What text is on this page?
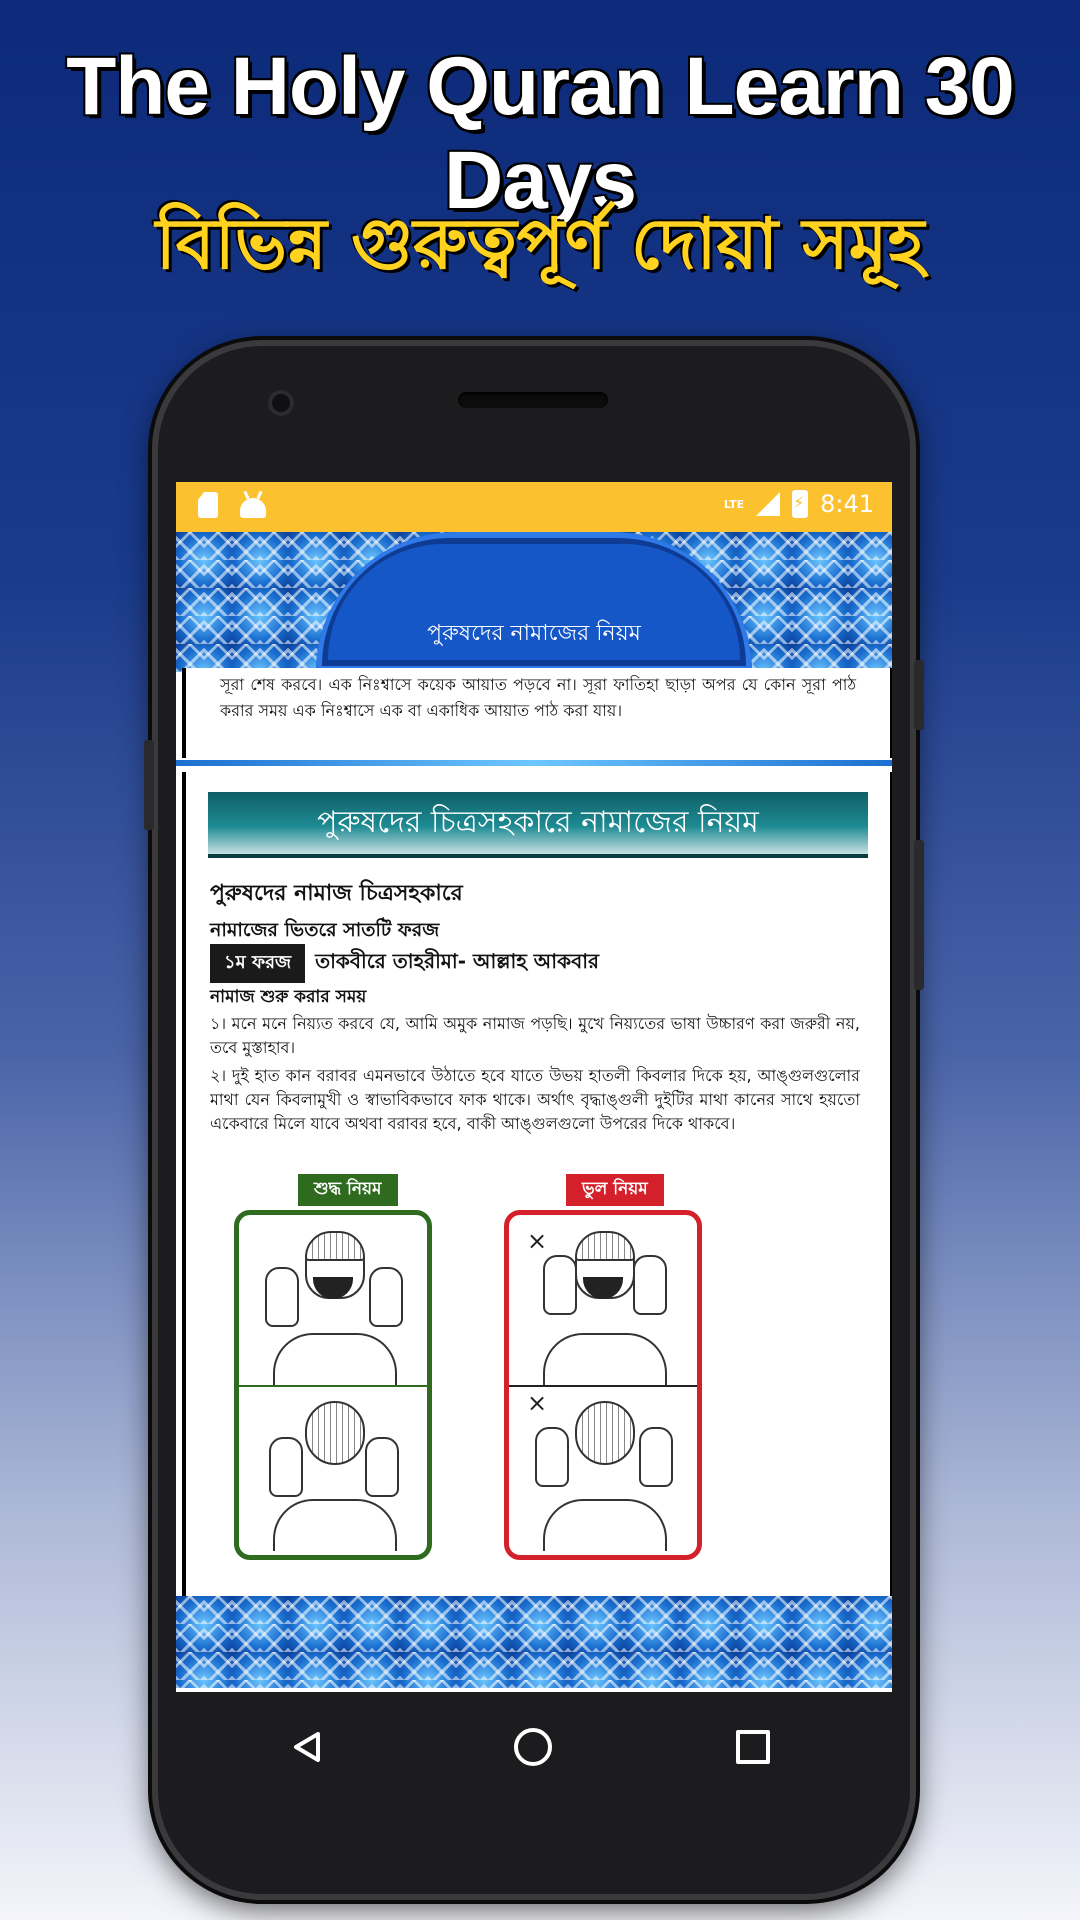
The Holy Quran Learn 30 Days
বিভিন্ন গুরুত্বপূর্ণ দোয়া সমূহ
LTE
⚡	8:41
পুরুষদের নামাজের নিয়ম
সূরা শেষ করবে। এক নিঃশ্বাসে কয়েক আয়াত পড়বে না। সূরা ফাতিহা ছাড়া অপর যে কোন সূরা পাঠ করার সময় এক নিঃশ্বাসে এক বা একাধিক আয়াত পাঠ করা যায়।
পুরুষদের চিত্রসহকারে নামাজের নিয়ম
পুরুষদের নামাজ চিত্রসহকারে
নামাজের ভিতরে সাতটি ফরজ
১ম ফরজ	তাকবীরে তাহরীমা- আল্লাহ আকবার
নামাজ শুরু করার সময়
১। মনে মনে নিয়্যত করবে যে, আমি অমুক নামাজ পড়ছি। মুখে নিয়্যতের ভাষা উচ্চারণ করা জরুরী নয়, তবে মুস্তাহাব।
২। দুই হাত কান বরাবর এমনভাবে উঠাতে হবে যাতে উভয় হাতলী কিবলার দিকে হয়, আঙ্গুলগুলোর মাথা যেন কিবলামুখী ও স্বাভাবিকভাবে ফাক থাকে। অর্থাৎ বৃদ্ধাঙ্গুলী দুইটির মাথা কানের সাথে হয়তো একেবারে মিলে যাবে অথবা বরাবর হবে, বাকী আঙ্গুলগুলো উপরের দিকে থাকবে।
শুদ্ধ নিয়ম	ভুল নিয়ম
×
×
